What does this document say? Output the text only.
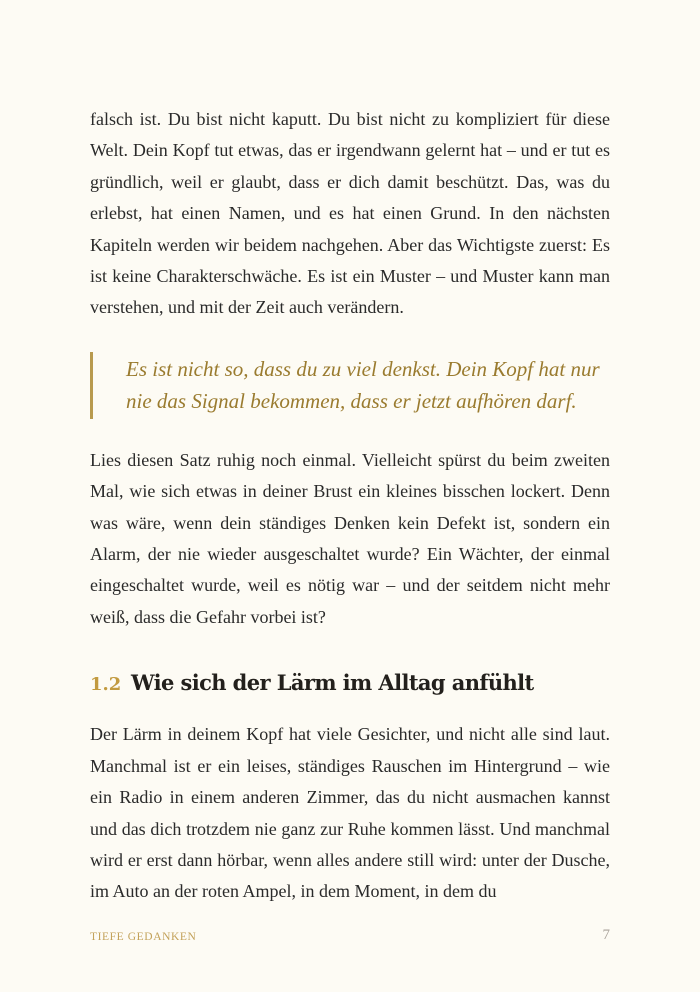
falsch ist. Du bist nicht kaputt. Du bist nicht zu kompliziert für diese Welt. Dein Kopf tut etwas, das er irgendwann gelernt hat – und er tut es gründlich, weil er glaubt, dass er dich damit beschützt. Das, was du erlebst, hat einen Namen, und es hat einen Grund. In den nächsten Kapiteln werden wir beidem nachgehen. Aber das Wichtigste zuerst: Es ist keine Charakterschwäche. Es ist ein Muster – und Muster kann man verstehen, und mit der Zeit auch verändern.

Es ist nicht so, dass du zu viel denkst. Dein Kopf hat nur nie das Signal bekommen, dass er jetzt aufhören darf.

Lies diesen Satz ruhig noch einmal. Vielleicht spürst du beim zweiten Mal, wie sich etwas in deiner Brust ein kleines bisschen lockert. Denn was wäre, wenn dein ständiges Denken kein Defekt ist, sondern ein Alarm, der nie wieder ausgeschaltet wurde? Ein Wächter, der einmal eingeschaltet wurde, weil es nötig war – und der seitdem nicht mehr weiß, dass die Gefahr vorbei ist?

1.2 Wie sich der Lärm im Alltag anfühlt

Der Lärm in deinem Kopf hat viele Gesichter, und nicht alle sind laut. Manchmal ist er ein leises, ständiges Rauschen im Hintergrund – wie ein Radio in einem anderen Zimmer, das du nicht ausmachen kannst und das dich trotzdem nie ganz zur Ruhe kommen lässt. Und manchmal wird er erst dann hörbar, wenn alles andere still wird: unter der Dusche, im Auto an der roten Ampel, in dem Moment, in dem du

TIEFE GEDANKEN	7
